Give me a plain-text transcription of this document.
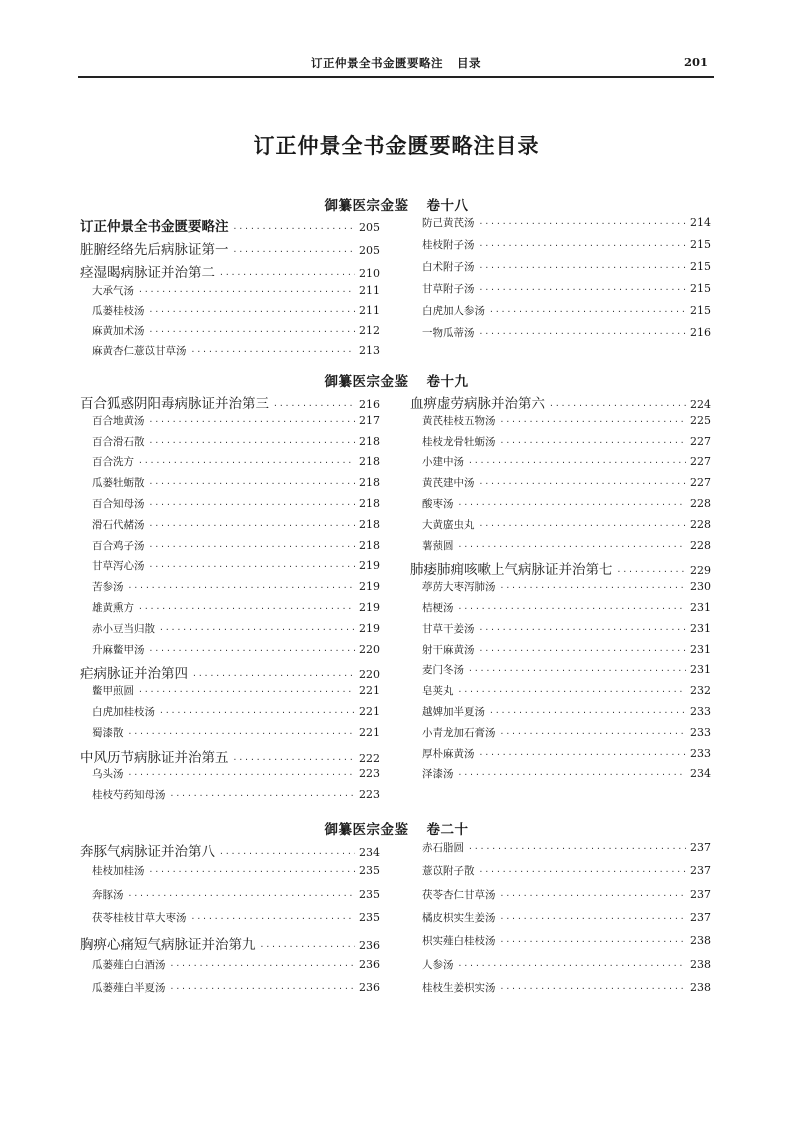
订正仲景全书金匮要略注 目录	201
订正仲景全书金匮要略注目录
御纂医宗金鉴 卷十八
订正仲景全书金匮要略注 ·····	205
脏腑经络先后病脉证第一 ·····	205
痉湿暍病脉证并治第二 ·····	210
大承气汤 ·····	211
瓜蒌桂枝汤 ·····	211
麻黄加术汤 ·····	212
麻黄杏仁薏苡甘草汤 ·····	213
防己黄芪汤 ·····	214
桂枝附子汤 ·····	215
白术附子汤 ·····	215
甘草附子汤 ·····	215
白虎加人参汤 ·····	215
一物瓜蒂汤 ·····	216
御纂医宗金鉴 卷十九
百合狐惑阴阳毒病脉证并治第三 ·····	216
百合地黄汤 ·····	217
百合滑石散 ·····	218
百合洗方 ·····	218
瓜蒌牡蛎散 ·····	218
百合知母汤 ·····	218
滑石代赭汤 ·····	218
百合鸡子汤 ·····	218
甘草泻心汤 ·····	219
苦参汤 ·····	219
雄黄熏方 ·····	219
赤小豆当归散 ·····	219
升麻鳖甲汤 ·····	220
疟病脉证并治第四 ·····	220
鳖甲煎圆 ·····	221
白虎加桂枝汤 ·····	221
蜀漆散 ·····	221
中风历节病脉证并治第五 ·····	222
乌头汤 ·····	223
桂枝芍药知母汤 ·····	223
血痹虚劳病脉并治第六 ·····	224
黄芪桂枝五物汤 ·····	225
桂枝龙骨牡蛎汤 ·····	227
小建中汤 ·····	227
黄芪建中汤 ·····	227
酸枣汤 ·····	228
大黄䗪虫丸 ·····	228
薯蓣圆 ·····	228
肺痿肺痈咳嗽上气病脉证并治第七 ·····	229
葶苈大枣泻肺汤 ·····	230
桔梗汤 ·····	231
甘草干姜汤 ·····	231
射干麻黄汤 ·····	231
麦门冬汤 ·····	231
皂荚丸 ·····	232
越婢加半夏汤 ·····	233
小青龙加石膏汤 ·····	233
厚朴麻黄汤 ·····	233
泽漆汤 ·····	234
御纂医宗金鉴 卷二十
奔豚气病脉证并治第八 ·····	234
桂枝加桂汤 ·····	235
奔豚汤 ·····	235
茯苓桂枝甘草大枣汤 ·····	235
胸痹心痛短气病脉证并治第九 ·····	236
瓜蒌薤白白酒汤 ·····	236
瓜蒌薤白半夏汤 ·····	236
赤石脂圆 ·····	237
薏苡附子散 ·····	237
茯苓杏仁甘草汤 ·····	237
橘皮枳实生姜汤 ·····	237
枳实薤白桂枝汤 ·····	238
人参汤 ·····	238
桂枝生姜枳实汤 ·····	238
